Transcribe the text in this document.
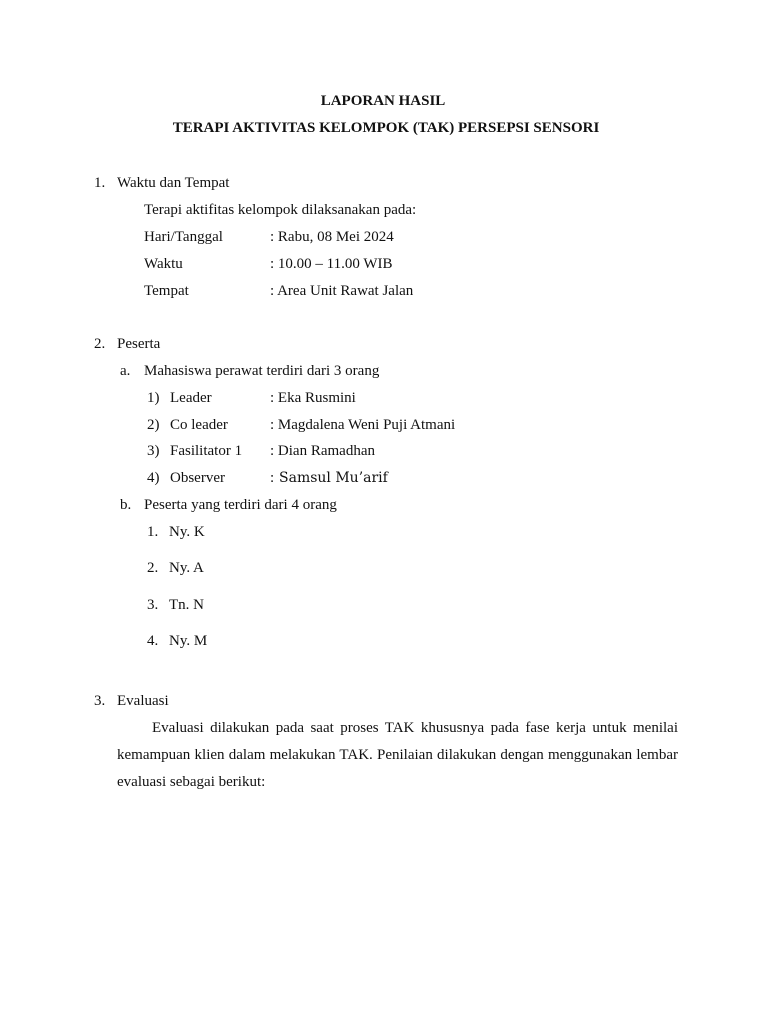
LAPORAN HASIL
TERAPI AKTIVITAS KELOMPOK (TAK) PERSEPSI SENSORI
1. Waktu dan Tempat
Terapi aktifitas kelompok dilaksanakan pada:
Hari/Tanggal	: Rabu, 08 Mei 2024
Waktu	: 10.00 – 11.00 WIB
Tempat	: Area Unit Rawat Jalan
2. Peserta
a. Mahasiswa perawat terdiri dari 3 orang
1) Leader	: Eka Rusmini
2) Co leader	: Magdalena Weni Puji Atmani
3) Fasilitator 1 : Dian Ramadhan
4) Observer	: Samsul Mu’arif
b. Peserta yang terdiri dari 4 orang
1. Ny. K
2. Ny. A
3. Tn. N
4. Ny. M
3. Evaluasi

Evaluasi dilakukan pada saat proses TAK khususnya pada fase kerja untuk menilai
kemampuan klien dalam melakukan TAK. Penilaian dilakukan dengan menggunakan lembar
evaluasi sebagai berikut:
